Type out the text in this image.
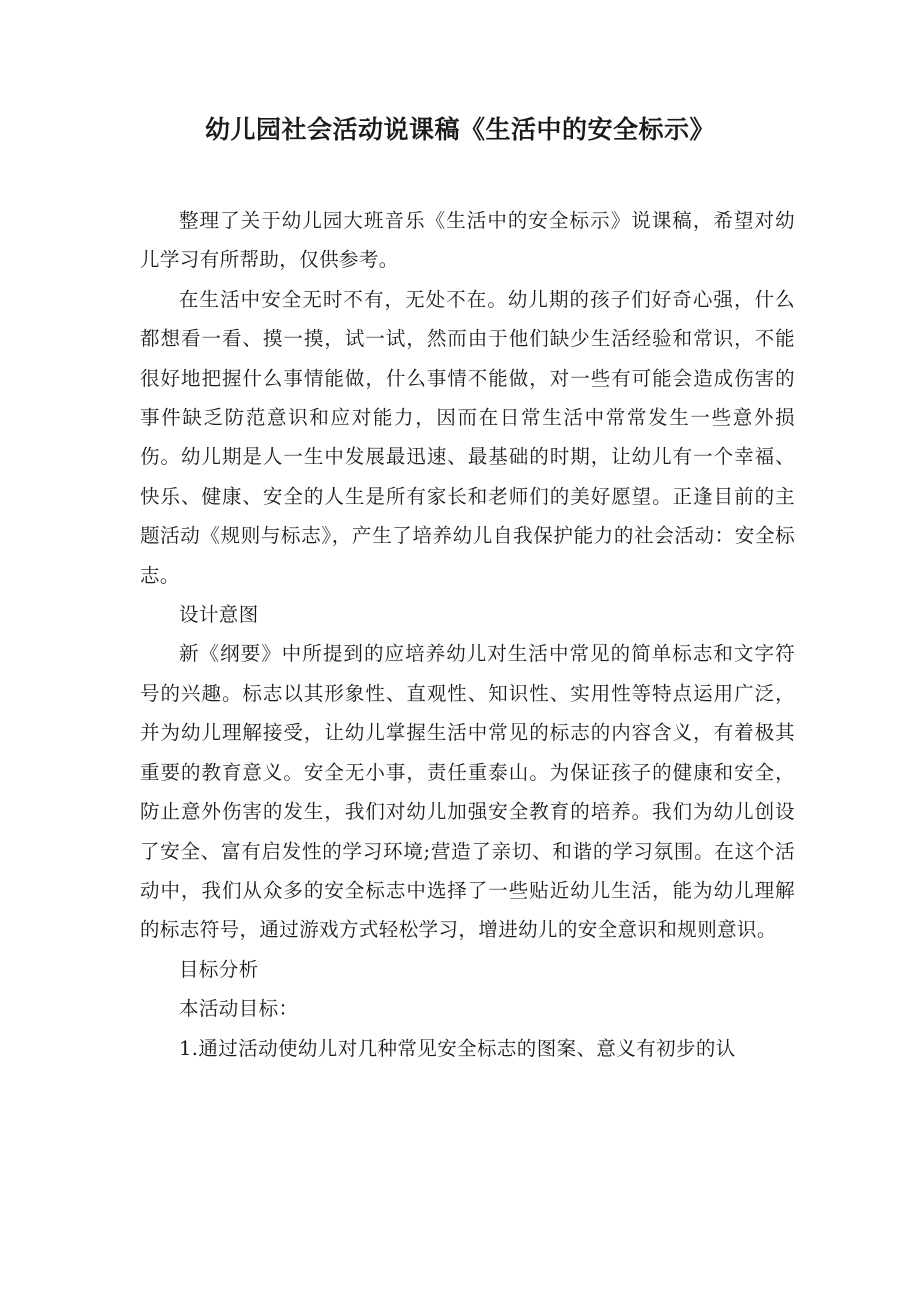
幼儿园社会活动说课稿《生活中的安全标示》

整理了关于幼儿园大班音乐《生活中的安全标示》说课稿，希望对幼儿学习有所帮助，仅供参考。

在生活中安全无时不有，无处不在。幼儿期的孩子们好奇心强，什么都想看一看、摸一摸，试一试，然而由于他们缺少生活经验和常识，不能很好地把握什么事情能做，什么事情不能做，对一些有可能会造成伤害的事件缺乏防范意识和应对能力，因而在日常生活中常常发生一些意外损伤。幼儿期是人一生中发展最迅速、最基础的时期，让幼儿有一个幸福、快乐、健康、安全的人生是所有家长和老师们的美好愿望。正逢目前的主题活动《规则与标志》，产生了培养幼儿自我保护能力的社会活动：安全标志。

设计意图

新《纲要》中所提到的应培养幼儿对生活中常见的简单标志和文字符号的兴趣。标志以其形象性、直观性、知识性、实用性等特点运用广泛，并为幼儿理解接受，让幼儿掌握生活中常见的标志的内容含义，有着极其重要的教育意义。安全无小事，责任重泰山。为保证孩子的健康和安全，防止意外伤害的发生，我们对幼儿加强安全教育的培养。我们为幼儿创设了安全、富有启发性的学习环境;营造了亲切、和谐的学习氛围。在这个活动中，我们从众多的安全标志中选择了一些贴近幼儿生活，能为幼儿理解的标志符号，通过游戏方式轻松学习，增进幼儿的安全意识和规则意识。

目标分析

本活动目标：

1.通过活动使幼儿对几种常见安全标志的图案、意义有初步的认
